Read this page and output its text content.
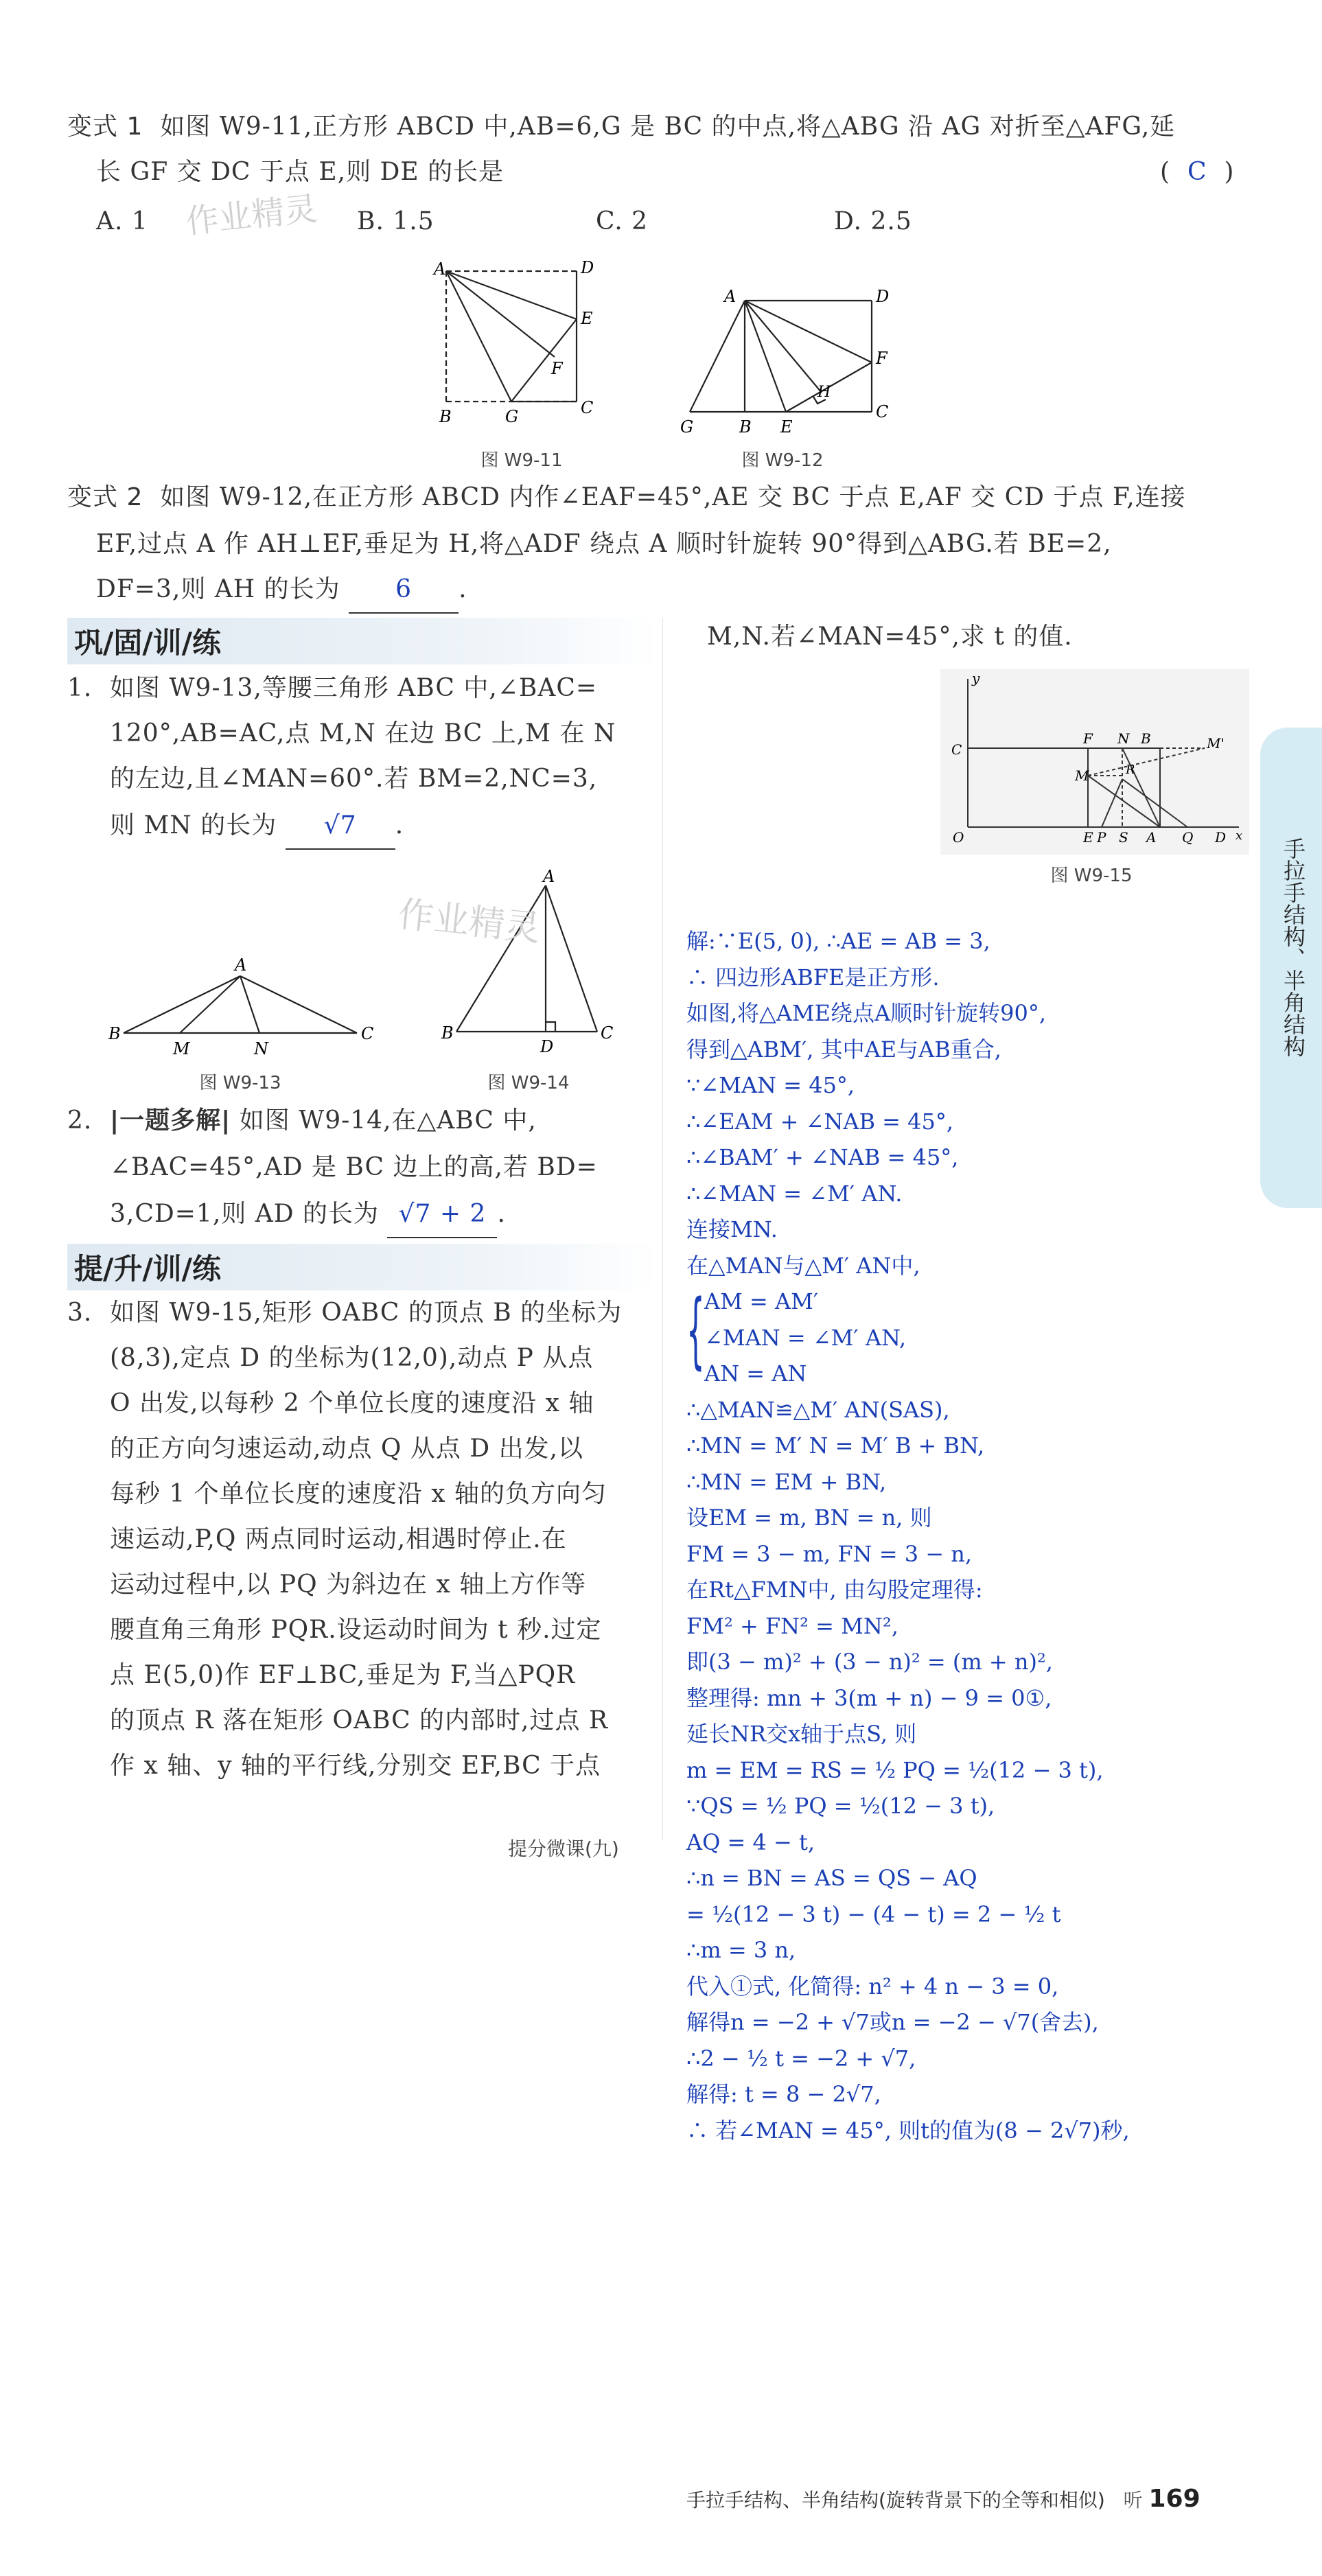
变式 1 如图 W9-11,正方形 ABCD 中,AB=6,G 是 BC 的中点,将△ABG 沿 AG 对折至△AFG,延
长 GF 交 DC 于点 E,则 DE 的长是	( C )
A. 1	B. 1.5	C. 2	D. 2.5
作业精灵
A	D
E
F
B	G	C
图 W9-11
A	D
F
H
G	B E
C
图 W9-12
变式 2 如图 W9-12,在正方形 ABCD 内作∠EAF=45°,AE 交 BC 于点 E,AF 交 CD 于点 F,连接
EF,过点 A 作 AH⊥EF,垂足为 H,将△ADF 绕点 A 顺时针旋转 90°得到△ABG.若 BE=2,
DF=3,则 AH 的长为 6 .
巩/固/训/练
1. 如图 W9-13,等腰三角形 ABC 中,∠BAC=
120°,AB=AC,点 M,N 在边 BC 上,M 在 N
的左边,且∠MAN=60°.若 BM=2,NC=3,
则 MN 的长为 √7 .
A
B
M	N
C
图 W9-13
A
B
D
C
图 W9-14
作业精灵
2. |一题多解| 如图 W9-14,在△ABC 中,
∠BAC=45°,AD 是 BC 边上的高,若 BD=
3,CD=1,则 AD 的长为 √7 + 2 .
提/升/训/练
3. 如图 W9-15,矩形 OABC 的顶点 B 的坐标为
(8,3),定点 D 的坐标为(12,0),动点 P 从点
O 出发,以每秒 2 个单位长度的速度沿 x 轴
的正方向匀速运动,动点 Q 从点 D 出发,以
每秒 1 个单位长度的速度沿 x 轴的负方向匀
速运动,P,Q 两点同时运动,相遇时停止.在
运动过程中,以 PQ 为斜边在 x 轴上方作等
腰直角三角形 PQR.设运动时间为 t 秒.过定
点 E(5,0)作 EF⊥BC,垂足为 F,当△PQR
的顶点 R 落在矩形 OABC 的内部时,过点 R
作 x 轴、y 轴的平行线,分别交 EF,BC 于点
提分微课(九)
M,N.若∠MAN=45°,求 t 的值.
y
F N B	M'
C
M	R
O	E P S A Q D x
图 W9-15
解:∵E(5, 0), ∴AE = AB = 3,
∴ 四边形ABFE是正方形.
如图,将△AME绕点A顺时针旋转90°,
得到△ABM′, 其中AE与AB重合,
∵∠MAN = 45°,
∴∠EAM + ∠NAB = 45°,
∴∠BAM′ + ∠NAB = 45°,
∴∠MAN = ∠M′ AN.
连接MN.
在△MAN与△M′ AN中,
{ AM = AM′
∠MAN = ∠M′ AN,
AN = AN
∴△MAN≌△M′ AN(SAS),
∴MN = M′ N = M′ B + BN,
∴MN = EM + BN,
设EM = m, BN = n, 则
FM = 3 − m, FN = 3 − n,
在Rt△FMN中, 由勾股定理得:
FM² + FN² = MN²,
即(3 − m)² + (3 − n)² = (m + n)²,
整理得: mn + 3(m + n) − 9 = 0①,
延长NR交x轴于点S, 则
m = EM = RS = ½ PQ = ½(12 − 3 t),
∵QS = ½ PQ = ½(12 − 3 t),
AQ = 4 − t,
∴n = BN = AS = QS − AQ
= ½(12 − 3 t) − (4 − t) = 2 − ½ t
∴m = 3 n,
代入①式, 化简得: n² + 4 n − 3 = 0,
解得n = −2 + √7或n = −2 − √7(舍去),
∴2 − ½ t = −2 + √7,
解得: t = 8 − 2√7,
∴ 若∠MAN = 45°, 则t的值为(8 − 2√7)秒,
手拉手结构、半角结构
手拉手结构、半角结构(旋转背景下的全等和相似) 听 169
